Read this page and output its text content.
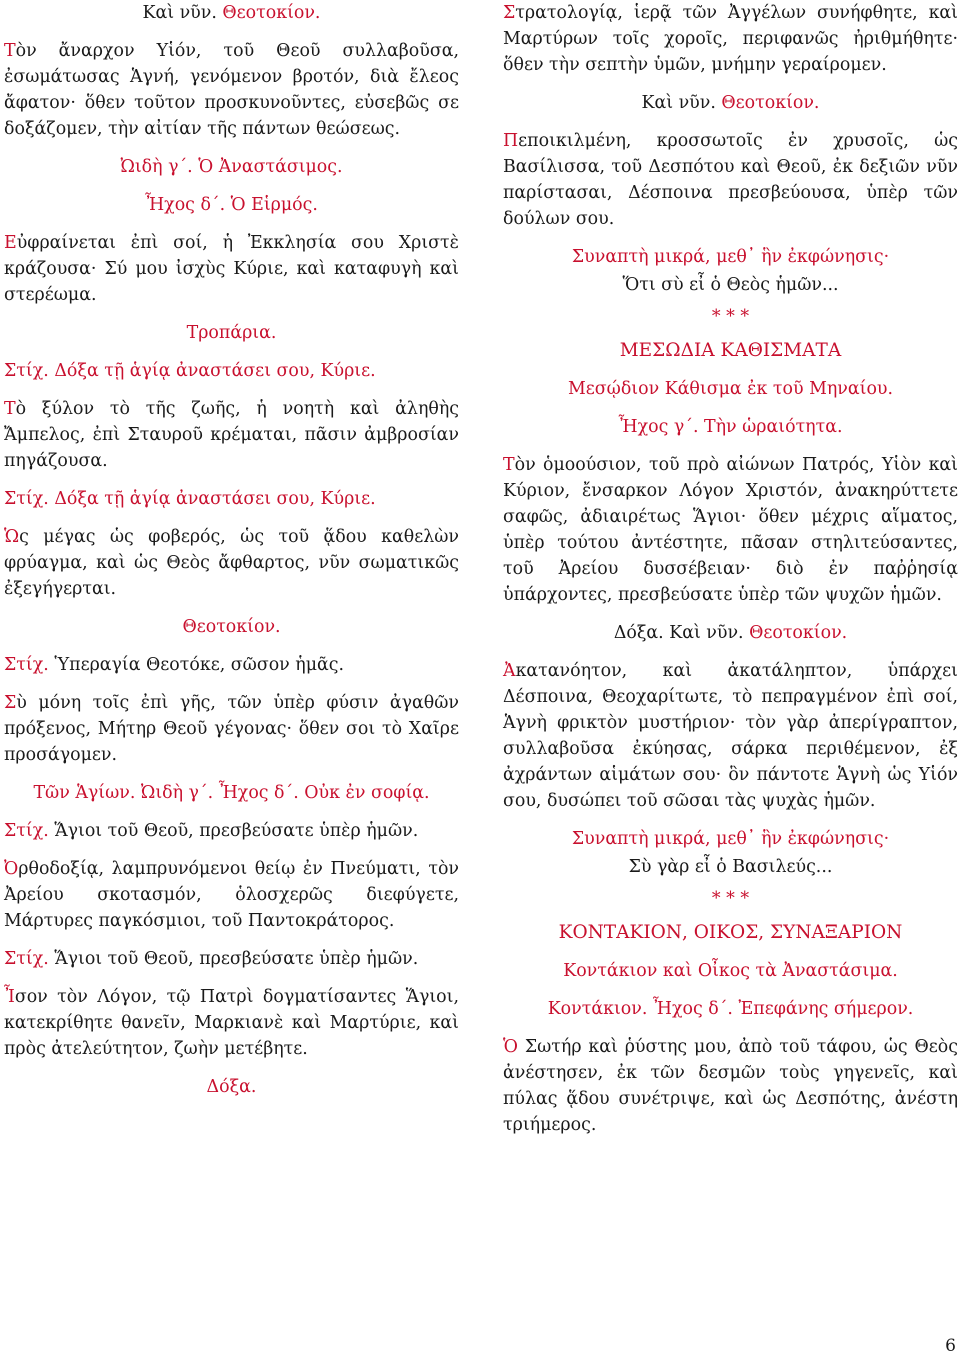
Καὶ νῦν. Θεοτοκίον.

Τὸν ἄναρχον Υἱόν, τοῦ Θεοῦ συλλαβοῦσα, ἐσωμάτωσας Ἁγνή, γενόμενον βροτόν, διὰ ἔλεος ἄφατον· ὅθεν τοῦτον προσκυνοῦντες, εὐσεβῶς σε δοξάζομεν, τὴν αἰτίαν τῆς πάντων θεώσεως.

Ὠιδὴ γ΄. Ὁ Ἀναστάσιμος.
Ἦχος δ΄. Ὁ Εἱρμός.

Εὐφραίνεται ἐπὶ σοί, ἡ Ἐκκλησία σου Χριστὲ κράζουσα· Σύ μου ἰσχὺς Κύριε, καὶ καταφυγὴ καὶ στερέωμα.

Τροπάρια.

Στίχ. Δόξα τῇ ἁγίᾳ ἀναστάσει σου, Κύριε.

Τὸ ξύλον τὸ τῆς ζωῆς, ἡ νοητὴ καὶ ἀληθὴς Ἄμπελος, ἐπὶ Σταυροῦ κρέμαται, πᾶσιν ἀμβροσίαν πηγάζουσα.

Στίχ. Δόξα τῇ ἁγίᾳ ἀναστάσει σου, Κύριε.

Ὡς μέγας ὡς φοβερός, ὡς τοῦ ᾅδου καθελὼν φρύαγμα, καὶ ὡς Θεὸς ἄφθαρτος, νῦν σωματικῶς ἐξεγήγερται.

Θεοτοκίον.

Στίχ. Ὑπεραγία Θεοτόκε, σῶσον ἡμᾶς.

Σὺ μόνη τοῖς ἐπὶ γῆς, τῶν ὑπὲρ φύσιν ἀγαθῶν πρόξενος, Μήτηρ Θεοῦ γέγονας· ὅθεν σοι τὸ Χαῖρε προσάγομεν.

Τῶν Ἁγίων. Ὠιδὴ γ΄. Ἦχος δ΄. Οὐκ ἐν σοφίᾳ.

Στίχ. Ἅγιοι τοῦ Θεοῦ, πρεσβεύσατε ὑπὲρ ἡμῶν.

Ὀρθοδοξίᾳ, λαμπρυνόμενοι θείῳ ἐν Πνεύματι, τὸν Ἀρείου σκοτασμόν, ὁλοσχερῶς διεφύγετε, Μάρτυρες παγκόσμιοι, τοῦ Παντοκράτορος.

Στίχ. Ἅγιοι τοῦ Θεοῦ, πρεσβεύσατε ὑπὲρ ἡμῶν.

Ἶσον τὸν Λόγον, τῷ Πατρὶ δογματίσαντες Ἅγιοι, κατεκρίθητε θανεῖν, Μαρκιανὲ καὶ Μαρτύριε, καὶ πρὸς ἀτελεύτητον, ζωὴν μετέβητε.

Δόξα.

Στρατολογίᾳ, ἱερᾷ τῶν Ἀγγέλων συνήφθητε, καὶ Μαρτύρων τοῖς χοροῖς, περιφανῶς ἠριθμήθητε· ὅθεν τὴν σεπτὴν ὑμῶν, μνήμην γεραίρομεν.

Καὶ νῦν. Θεοτοκίον.

Πεποικιλμένη, κροσσωτοῖς ἐν χρυσοῖς, ὡς Βασίλισσα, τοῦ Δεσπότου καὶ Θεοῦ, ἐκ δεξιῶν νῦν παρίστασαι, Δέσποινα πρεσβεύουσα, ὑπὲρ τῶν δούλων σου.

Συναπτὴ μικρά, μεθ᾽ ἣν ἐκφώνησις·
Ὅτι σὺ εἶ ὁ Θεὸς ἡμῶν...
* * *
ΜΕΣΩΔΙΑ ΚΑΘΙΣΜΑΤΑ
Μεσῴδιον Κάθισμα ἐκ τοῦ Μηναίου.
Ἦχος γ΄. Τὴν ὡραιότητα.

Τὸν ὁμοούσιον, τοῦ πρὸ αἰώνων Πατρός, Υἱὸν καὶ Κύριον, ἔνσαρκον Λόγον Χριστόν, ἀνακηρύττετε σαφῶς, ἀδιαιρέτως Ἅγιοι· ὅθεν μέχρις αἵματος, ὑπὲρ τούτου ἀντέστητε, πᾶσαν στηλιτεύσαντες, τοῦ Ἀρείου δυσσέβειαν· διὸ ἐν παῤῥησίᾳ ὑπάρχοντες, πρεσβεύσατε ὑπὲρ τῶν ψυχῶν ἡμῶν.

Δόξα. Καὶ νῦν. Θεοτοκίον.

Ἀκατανόητον, καὶ ἀκατάληπτον, ὑπάρχει Δέσποινα, Θεοχαρίτωτε, τὸ πεπραγμένον ἐπὶ σοί, Ἁγνὴ φρικτὸν μυστήριον· τὸν γὰρ ἀπερίγραπτον, συλλαβοῦσα ἐκύησας, σάρκα περιθέμενον, ἐξ ἀχράντων αἱμάτων σου· ὃν πάντοτε Ἁγνὴ ὡς Υἱόν σου, δυσώπει τοῦ σῶσαι τὰς ψυχὰς ἡμῶν.

Συναπτὴ μικρά, μεθ᾽ ἣν ἐκφώνησις·
Σὺ γὰρ εἶ ὁ Βασιλεύς...
* * *
ΚΟΝΤΑΚΙΟΝ, ΟΙΚΟΣ, ΣΥΝΑΞΑΡΙΟΝ
Κοντάκιον καὶ Οἶκος τὰ Ἀναστάσιμα.
Κοντάκιον. Ἦχος δ΄. Ἐπεφάνης σήμερον.

Ὁ Σωτήρ καὶ ῥύστης μου, ἀπὸ τοῦ τάφου, ὡς Θεὸς ἀνέστησεν, ἐκ τῶν δεσμῶν τοὺς γηγενεῖς, καὶ πύλας ᾅδου συνέτριψε, καὶ ὡς Δεσπότης, ἀνέστη τριήμερος.

6
